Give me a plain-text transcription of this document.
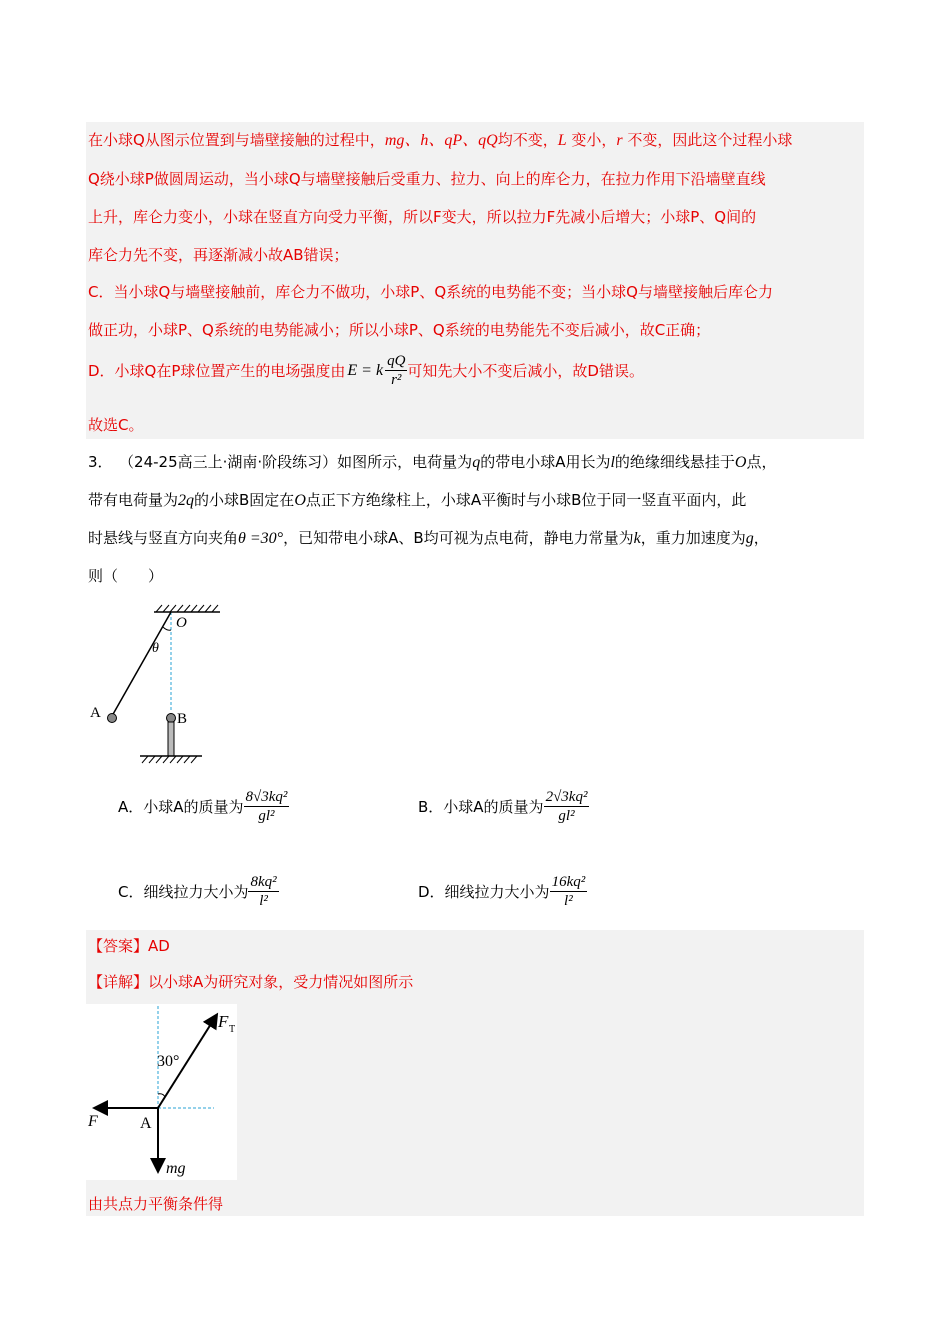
在小球Q从图示位置到与墙壁接触的过程中，mg、h、qP、qQ均不变，L 变小，r 不变，因此这个过程小球
Q绕小球P做圆周运动，当小球Q与墙壁接触后受重力、拉力、向上的库仑力，在拉力作用下沿墙壁直线
上升，库仑力变小，小球在竖直方向受力平衡，所以F变大，所以拉力F先减小后增大；小球P、Q间的
库仑力先不变，再逐渐减小故AB错误；
C．当小球Q与墙壁接触前，库仑力不做功，小球P、Q系统的电势能不变；当小球Q与墙壁接触后库仑力
做正功，小球P、Q系统的电势能减小；所以小球P、Q系统的电势能先不变后减小，故C正确；
D．小球Q在P球位置产生的电场强度由 E = k $\frac{qQ}{\text{r²}}$ 可知先大小不变后减小，故D错误。
故选C。
3． （24-25高三上·湖南·阶段练习）如图所示，电荷量为q的带电小球A用长为l的绝缘细线悬挂于O点，
带有电荷量为2q的小球B固定在O点正下方绝缘柱上，小球A平衡时与小球B位于同一竖直平面内，此
时悬线与竖直方向夹角θ =30°，已知带电小球A、B均可视为点电荷，静电力常量为k，重力加速度为g，
则（　　）
O
θ
A	B
A．小球A的质量为 $\frac{\text{8√3kq²}}{\text{gl²}}$	B．小球A的质量为 $\frac{\text{2√3kq²}}{\text{gl²}}$
C．细线拉力大小为 $\frac{\text{8kq²}}{\text{l²}}$	D．细线拉力大小为 $\frac{\text{16kq²}}{\text{l²}}$
【答案】AD
【详解】以小球A为研究对象，受力情况如图所示
F T
30°
F	A
mg
由共点力平衡条件得
